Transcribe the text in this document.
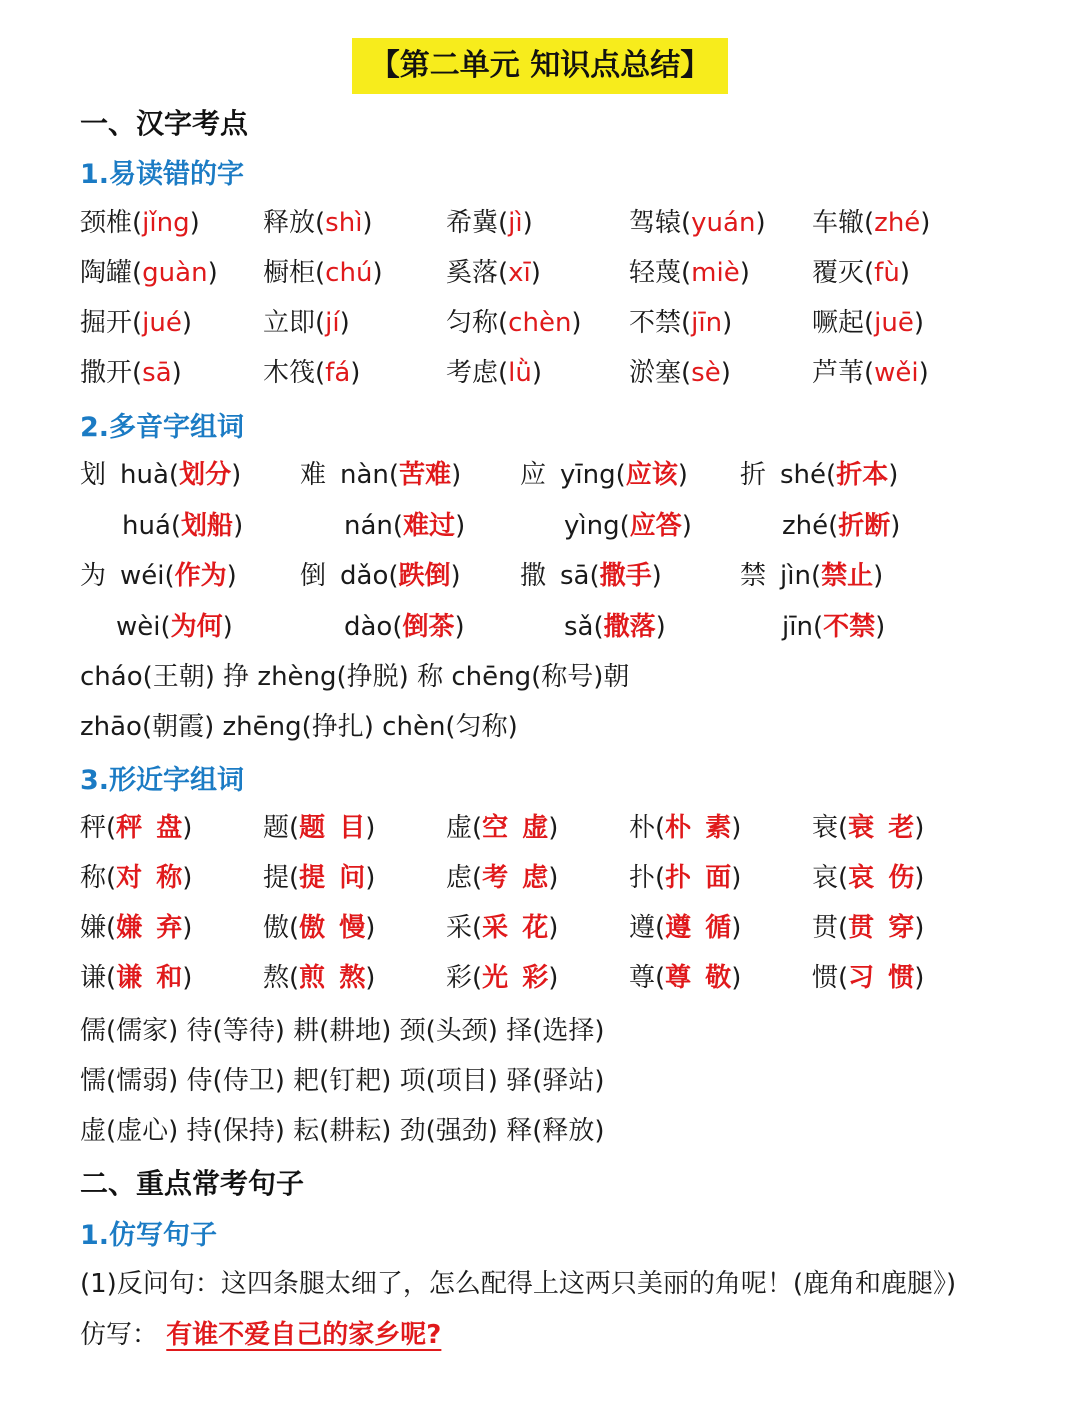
【第二单元 知识点总结】
一、汉字考点
1.易读错的字
颈椎(jǐng) 释放(shì)	希冀(jì)	驾辕(yuán) 车辙(zhé)
陶罐(guàn) 橱柜(chú) 奚落(xī)	轻蔑(miè) 覆灭(fù)
掘开(jué)	立即(jí)	匀称(chèn) 不禁(jīn)	噘起(juē)
撒开(sā)	木筏(fá)	考虑(lǜ)	淤塞(sè)	芦苇(wěi)
2.多音字组词
划 huà(划分) 难 nàn(苦难) 应 yīng(应该) 折 shé(折本)
huá(划船)	nán(难过)	yìng(应答)	zhé(折断)
为 wéi(作为) 倒 dǎo(跌倒) 撒 sā(撒手)	禁 jìn(禁止)
wèi(为何)	dào(倒茶)	sǎ(撒落)	jīn(不禁)
cháo(王朝) 挣 zhèng(挣脱) 称 chēng(称号)朝
zhāo(朝霞) zhēng(挣扎) chèn(匀称)
3.形近字组词
秤(秤 盘)	题(题 目)	虚(空 虚)	朴(朴 素)	衰(衰 老)
称(对 称)	提(提 问)	虑(考 虑)	扑(扑 面)	哀(哀 伤)
嫌(嫌 弃)	傲(傲 慢)	采(采 花)	遵(遵 循)	贯(贯 穿)
谦(谦 和)	熬(煎 熬)	彩(光 彩)	尊(尊 敬)	惯(习 惯)
儒(儒家) 待(等待) 耕(耕地) 颈(头颈) 择(选择)
懦(懦弱) 侍(侍卫) 耙(钉耙) 项(项目) 驿(驿站)
虚(虚心) 持(保持) 耘(耕耘) 劲(强劲) 释(释放)
二、重点常考句子
1.仿写句子
(1)反问句：这四条腿太细了，怎么配得上这两只美丽的角呢！(鹿角和鹿腿》)
仿写： 有谁不爱自己的家乡呢?
